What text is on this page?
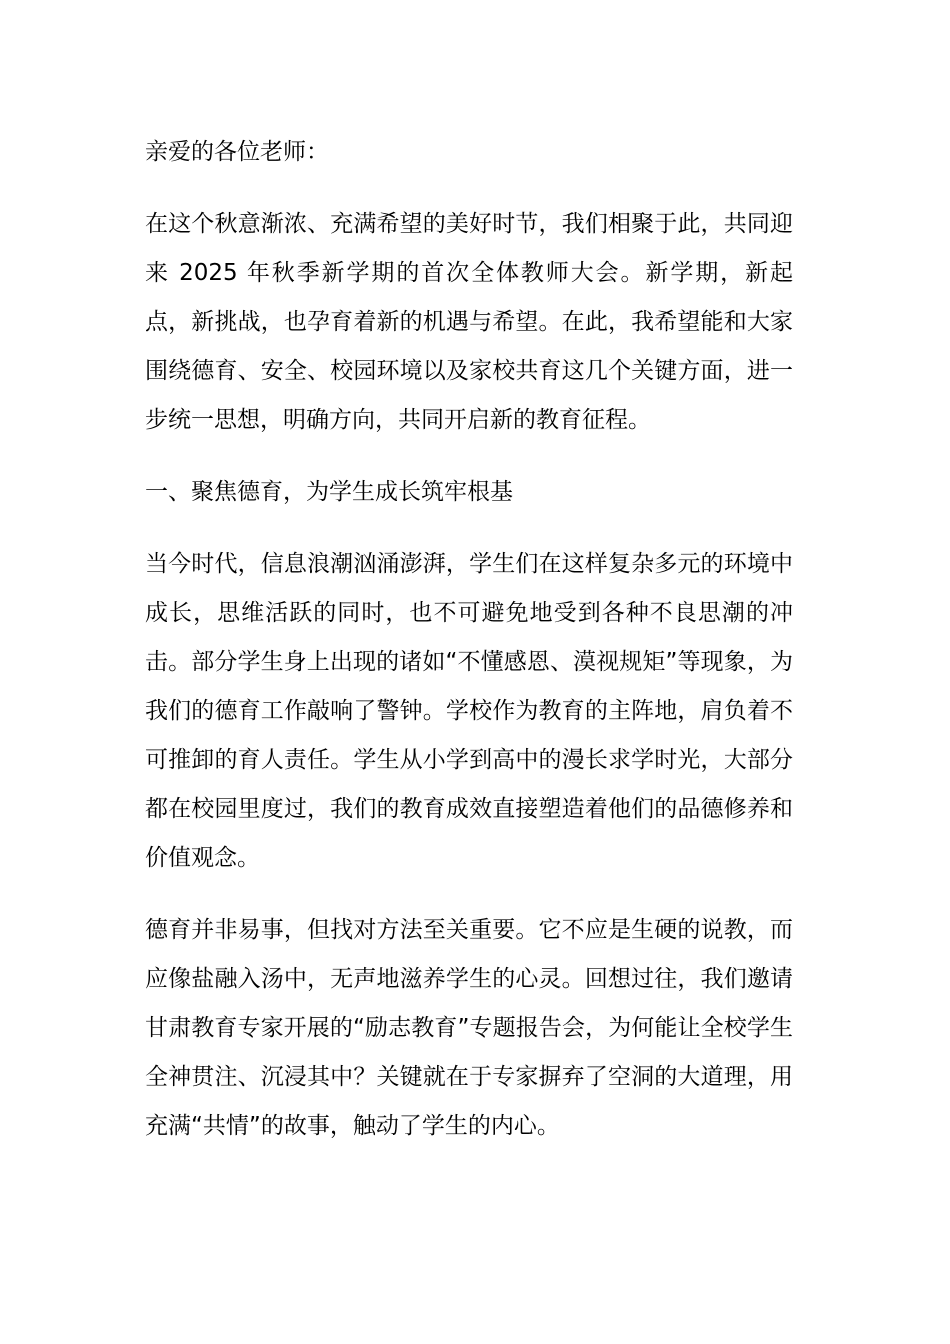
亲爱的各位老师：

在这个秋意渐浓、充满希望的美好时节，我们相聚于此，共同迎来 2025 年秋季新学期的首次全体教师大会。新学期，新起点，新挑战，也孕育着新的机遇与希望。在此，我希望能和大家围绕德育、安全、校园环境以及家校共育这几个关键方面，进一步统一思想，明确方向，共同开启新的教育征程。

一、聚焦德育，为学生成长筑牢根基

当今时代，信息浪潮汹涌澎湃，学生们在这样复杂多元的环境中成长，思维活跃的同时，也不可避免地受到各种不良思潮的冲击。部分学生身上出现的诸如“不懂感恩、漠视规矩”等现象，为我们的德育工作敲响了警钟。学校作为教育的主阵地，肩负着不可推卸的育人责任。学生从小学到高中的漫长求学时光，大部分都在校园里度过，我们的教育成效直接塑造着他们的品德修养和价值观念。

德育并非易事，但找对方法至关重要。它不应是生硬的说教，而应像盐融入汤中，无声地滋养学生的心灵。回想过往，我们邀请甘肃教育专家开展的“励志教育”专题报告会，为何能让全校学生全神贯注、沉浸其中？关键就在于专家摒弃了空洞的大道理，用充满“共情”的故事，触动了学生的内心。
